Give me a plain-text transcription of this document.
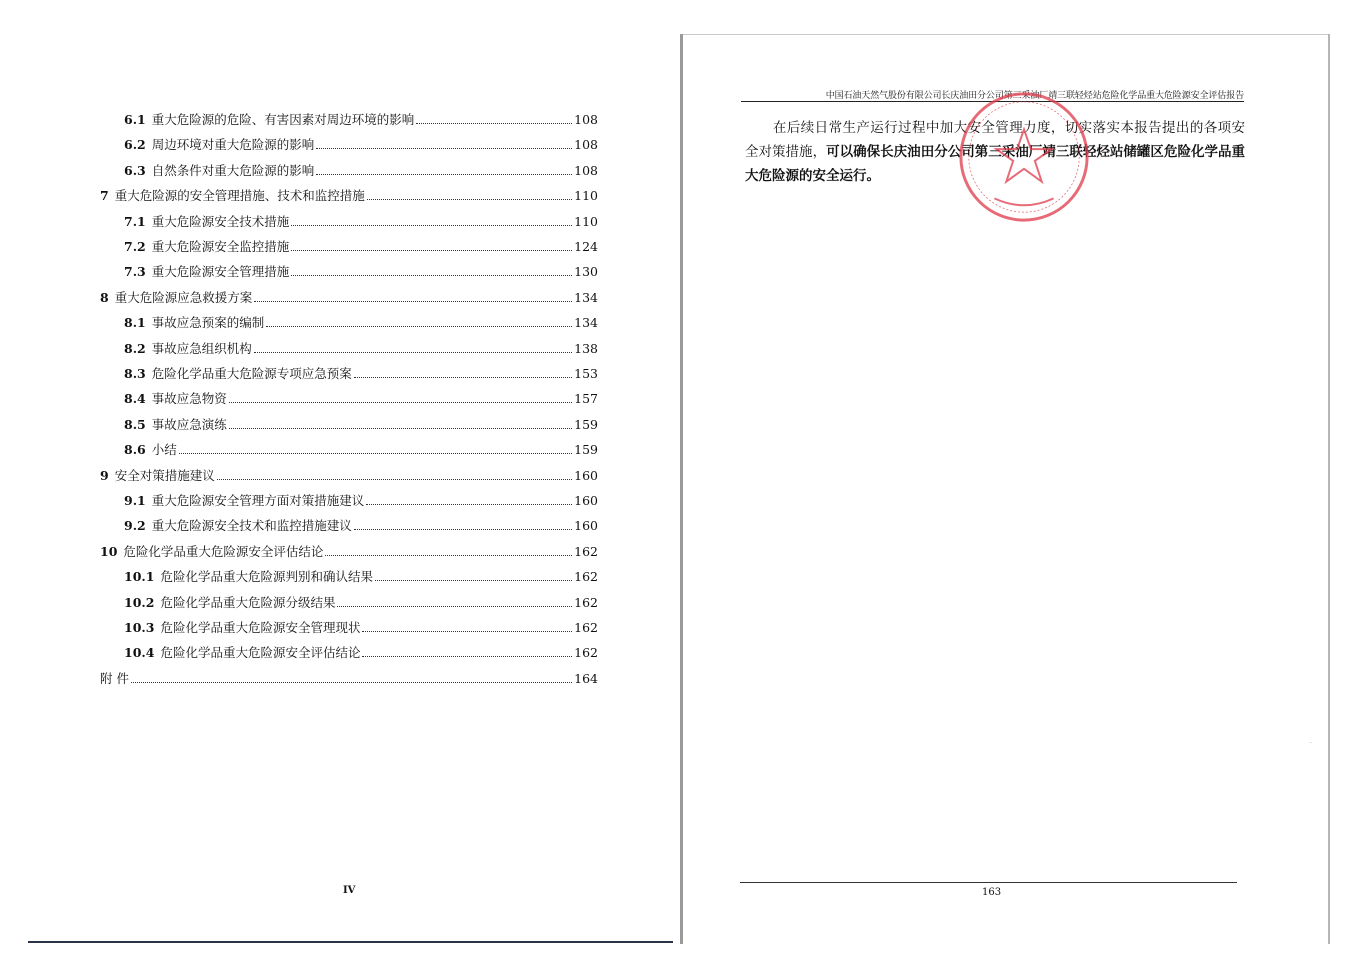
6.1 重大危险源的危险、有害因素对周边环境的影响	108
6.2 周边环境对重大危险源的影响	108
6.3 自然条件对重大危险源的影响	108
7 重大危险源的安全管理措施、技术和监控措施	110
7.1 重大危险源安全技术措施	110
7.2 重大危险源安全监控措施	124
7.3 重大危险源安全管理措施	130
8 重大危险源应急救援方案	134
8.1 事故应急预案的编制	134
8.2 事故应急组织机构	138
8.3 危险化学品重大危险源专项应急预案	153
8.4 事故应急物资	157
8.5 事故应急演练	159
8.6 小结	159
9 安全对策措施建议	160
9.1 重大危险源安全管理方面对策措施建议	160
9.2 重大危险源安全技术和监控措施建议	160
10 危险化学品重大危险源安全评估结论	162
10.1 危险化学品重大危险源判别和确认结果	162
10.2 危险化学品重大危险源分级结果	162
10.3 危险化学品重大危险源安全管理现状	162
10.4 危险化学品重大危险源安全评估结论	162
附 件	164
IV
中国石油天然气股份有限公司长庆油田分公司第三采油厂靖三联轻烃站危险化学品重大危险源安全评估报告
在后续日常生产运行过程中加大安全管理力度，切实落实本报告提出的各项安全对策措施，可以确保长庆油田分公司第三采油厂靖三联轻烃站储罐区危险化学品重大危险源的安全运行。
163
·
